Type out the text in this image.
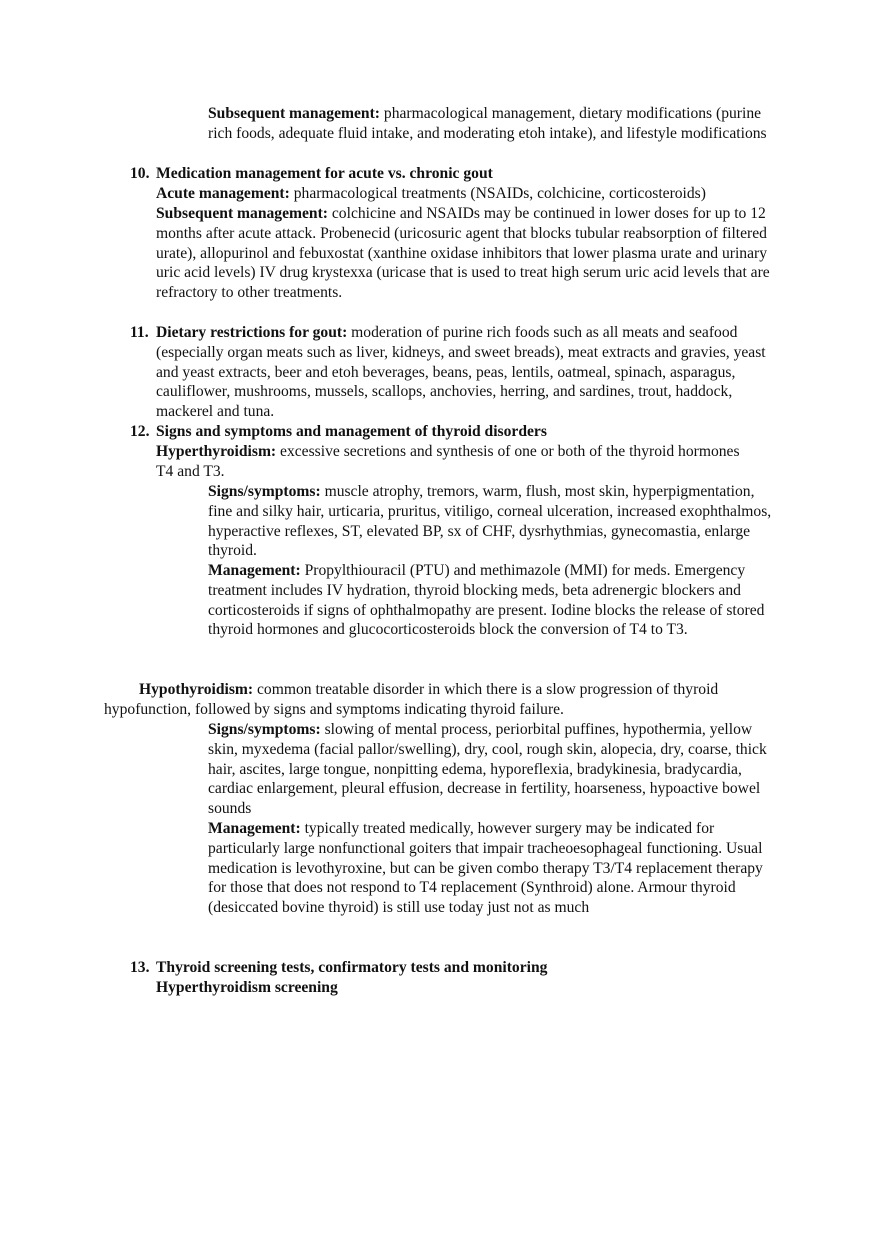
Subsequent management: pharmacological management, dietary modifications (purine rich foods, adequate fluid intake, and moderating etoh intake), and lifestyle modifications

10. Medication management for acute vs. chronic gout

Acute management: pharmacological treatments (NSAIDs, colchicine, corticosteroids)

Subsequent management: colchicine and NSAIDs may be continued in lower doses for up to 12 months after acute attack. Probenecid (uricosuric agent that blocks tubular reabsorption of filtered urate), allopurinol and febuxostat (xanthine oxidase inhibitors that lower plasma urate and urinary uric acid levels) IV drug krystexxa (uricase that is used to treat high serum uric acid levels that are refractory to other treatments.

11. Dietary restrictions for gout: moderation of purine rich foods such as all meats and seafood (especially organ meats such as liver, kidneys, and sweet breads), meat extracts and gravies, yeast and yeast extracts, beer and etoh beverages, beans, peas, lentils, oatmeal, spinach, asparagus, cauliflower, mushrooms, mussels, scallops, anchovies, herring, and sardines, trout, haddock, mackerel and tuna.

12. Signs and symptoms and management of thyroid disorders

Hyperthyroidism: excessive secretions and synthesis of one or both of the thyroid hormones T4 and T3.

Signs/symptoms: muscle atrophy, tremors, warm, flush, most skin, hyperpigmentation, fine and silky hair, urticaria, pruritus, vitiligo, corneal ulceration, increased exophthalmos, hyperactive reflexes, ST, elevated BP, sx of CHF, dysrhythmias, gynecomastia, enlarge thyroid.

Management: Propylthiouracil (PTU) and methimazole (MMI) for meds. Emergency treatment includes IV hydration, thyroid blocking meds, beta adrenergic blockers and corticosteroids if signs of ophthalmopathy are present. Iodine blocks the release of stored thyroid hormones and glucocorticosteroids block the conversion of T4 to T3.

Hypothyroidism: common treatable disorder in which there is a slow progression of thyroid hypofunction, followed by signs and symptoms indicating thyroid failure.

Signs/symptoms: slowing of mental process, periorbital puffines, hypothermia, yellow skin, myxedema (facial pallor/swelling), dry, cool, rough skin, alopecia, dry, coarse, thick hair, ascites, large tongue, nonpitting edema, hyporeflexia, bradykinesia, bradycardia, cardiac enlargement, pleural effusion, decrease in fertility, hoarseness, hypoactive bowel sounds

Management: typically treated medically, however surgery may be indicated for particularly large nonfunctional goiters that impair tracheoesophageal functioning. Usual medication is levothyroxine, but can be given combo therapy T3/T4 replacement therapy for those that does not respond to T4 replacement (Synthroid) alone. Armour thyroid (desiccated bovine thyroid) is still use today just not as much

13. Thyroid screening tests, confirmatory tests and monitoring

Hyperthyroidism screening
